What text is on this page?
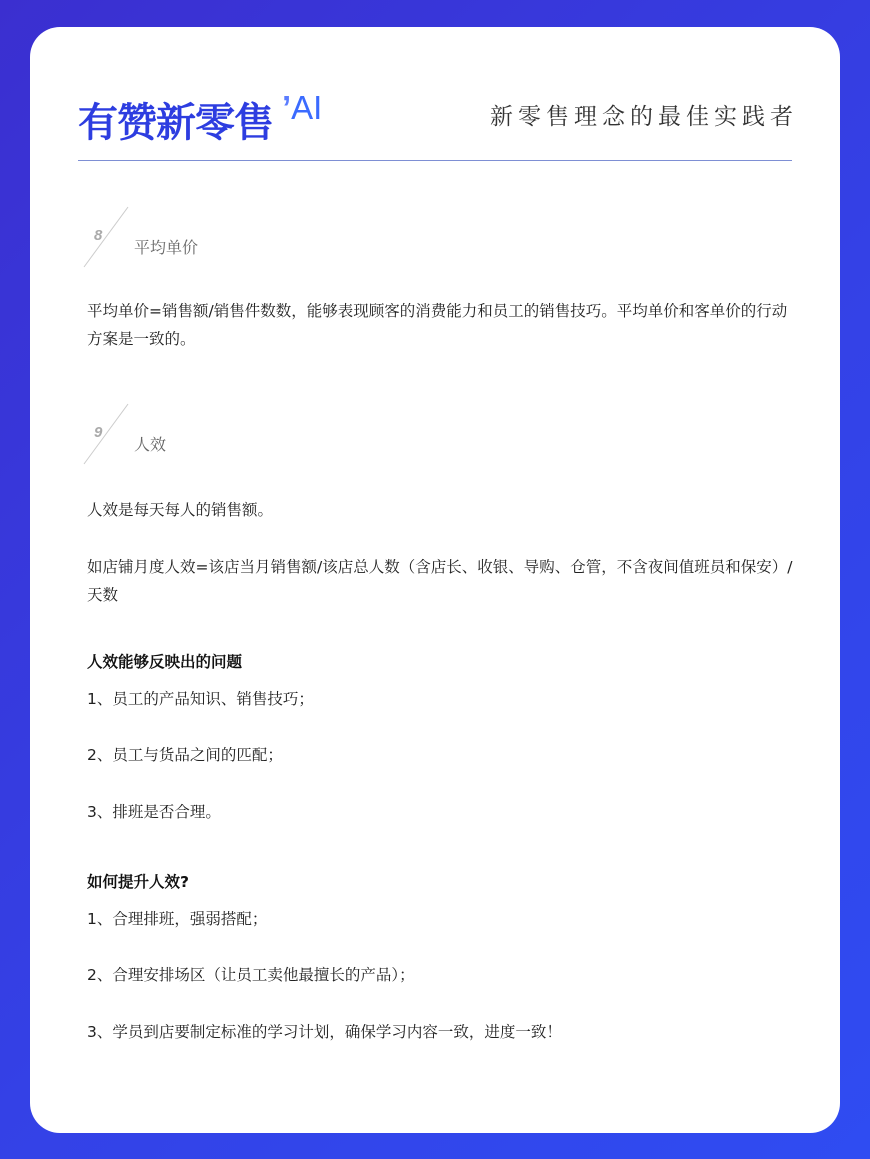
有赞新零售 ’AI	新零售理念的最佳实践者
8
平均单价
平均单价=销售额/销售件数数，能够表现顾客的消费能力和员工的销售技巧。平均单价和客单价的行动方案是一致的。
9
人效
人效是每天每人的销售额。
如店铺月度人效=该店当月销售额/该店总人数（含店长、收银、导购、仓管，不含夜间值班员和保安）/天数
人效能够反映出的问题
1、员工的产品知识、销售技巧；
2、员工与货品之间的匹配；
3、排班是否合理。
如何提升人效?
1、合理排班，强弱搭配；
2、合理安排场区（让员工卖他最擅长的产品）；
3、学员到店要制定标准的学习计划，确保学习内容一致，进度一致！
